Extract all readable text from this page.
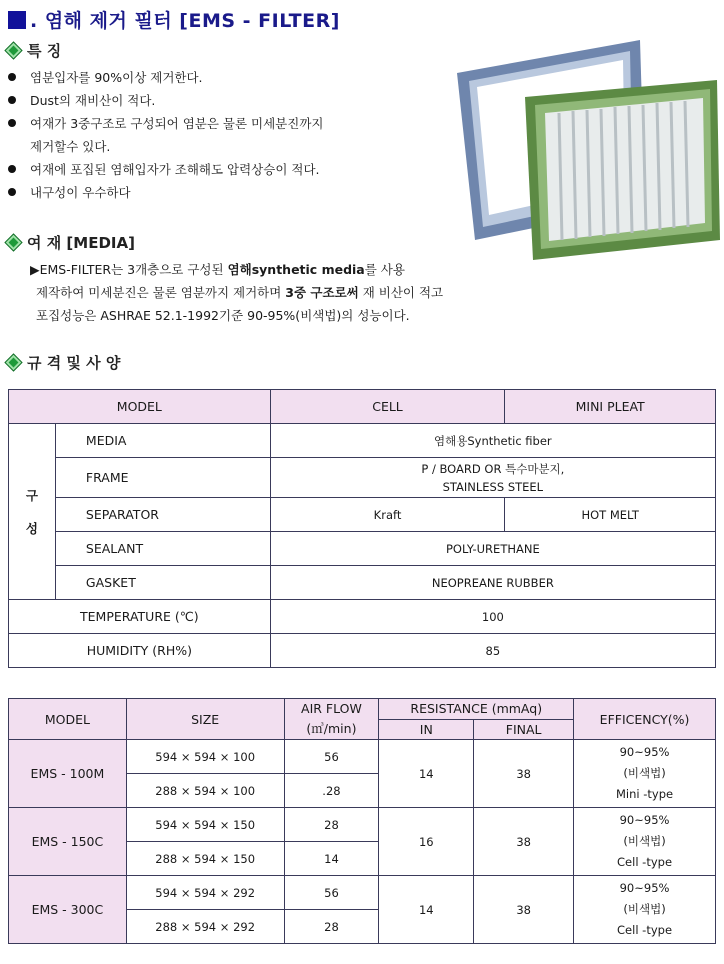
. 염해 제거 필터 [EMS - FILTER]
특 징
염분입자를 90%이상 제거한다.
Dust의 재비산이 적다.
여재가 3중구조로 구성되어 염분은 물론 미세분진까지
제거할수 있다.
여재에 포집된 염해입자가 조해해도 압력상승이 적다.
내구성이 우수하다
여 재 [MEDIA]
▶EMS-FILTER는 3개층으로 구성된 염해synthetic media를 사용
제작하여 미세분진은 물론 염분까지 제거하며 3중 구조로써 재 비산이 적고
포집성능은 ASHRAE 52.1-1992기준 90-95%(비색법)의 성능이다.
규 격 및 사 양
MODEL		CELL	MINI PLEAT
구

성	MEDIA	염해용Synthetic fiber	
	FRAME	P / BOARD OR 특수마분지,
STAINLESS STEEL	

	SEPARATOR	Kraft	HOT MELT
	SEALANT	POLY-URETHANE	
	GASKET	NEOPREANE RUBBER	
TEMPERATURE (℃)		100	
HUMIDITY (RH%)		85	
MODEL	SIZE	AIR FLOW
(㎥/min)	RESISTANCE (mmAq)		EFFICENCY(%)
			IN	FINAL	
EMS - 100M	594 × 594 × 100	56	14	38	90~95%
(비색법)
Mini -type

	288 × 594 × 100	.28			
EMS - 150C	594 × 594 × 150	28	16	38	90~95%
(비색법)
Cell -type

	288 × 594 × 150	14			
EMS - 300C	594 × 594 × 292	56	14	38	90~95%
(비색법)
Cell -type

	288 × 594 × 292	28			
